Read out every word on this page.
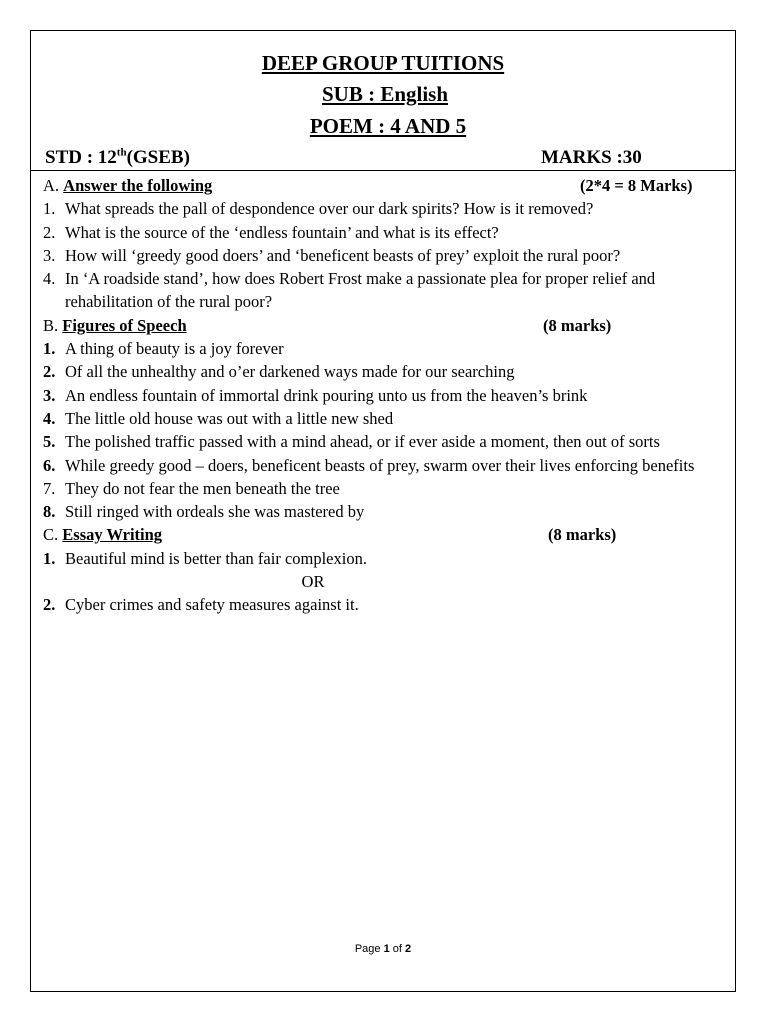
DEEP GROUP TUITIONS
SUB : English
POEM : 4 AND 5
STD : 12th(GSEB)	MARKS :30
A. Answer the following	(2*4 = 8 Marks)
1. What spreads the pall of despondence over our dark spirits? How is it removed?
2. What is the source of the ‘endless fountain’ and what is its effect?
3. How will ‘greedy good doers’ and ‘beneficent beasts of prey’ exploit the rural poor?
4. In ‘A roadside stand’, how does Robert Frost make a passionate plea for proper relief and rehabilitation of the rural poor?
B. Figures of Speech	(8 marks)
1. A thing of beauty is a joy forever
2. Of all the unhealthy and o’er darkened ways made for our searching
3. An endless fountain of immortal drink pouring unto us from the heaven’s brink
4. The little old house was out with a little new shed
5. The polished traffic passed with a mind ahead, or if ever aside a moment, then out of sorts
6. While greedy good – doers, beneficent beasts of prey, swarm over their lives enforcing benefits
7. They do not fear the men beneath the tree
8. Still ringed with ordeals she was mastered by
C. Essay Writing	(8 marks)
1. Beautiful mind is better than fair complexion.
OR
2. Cyber crimes and safety measures against it.
Page 1 of 2
